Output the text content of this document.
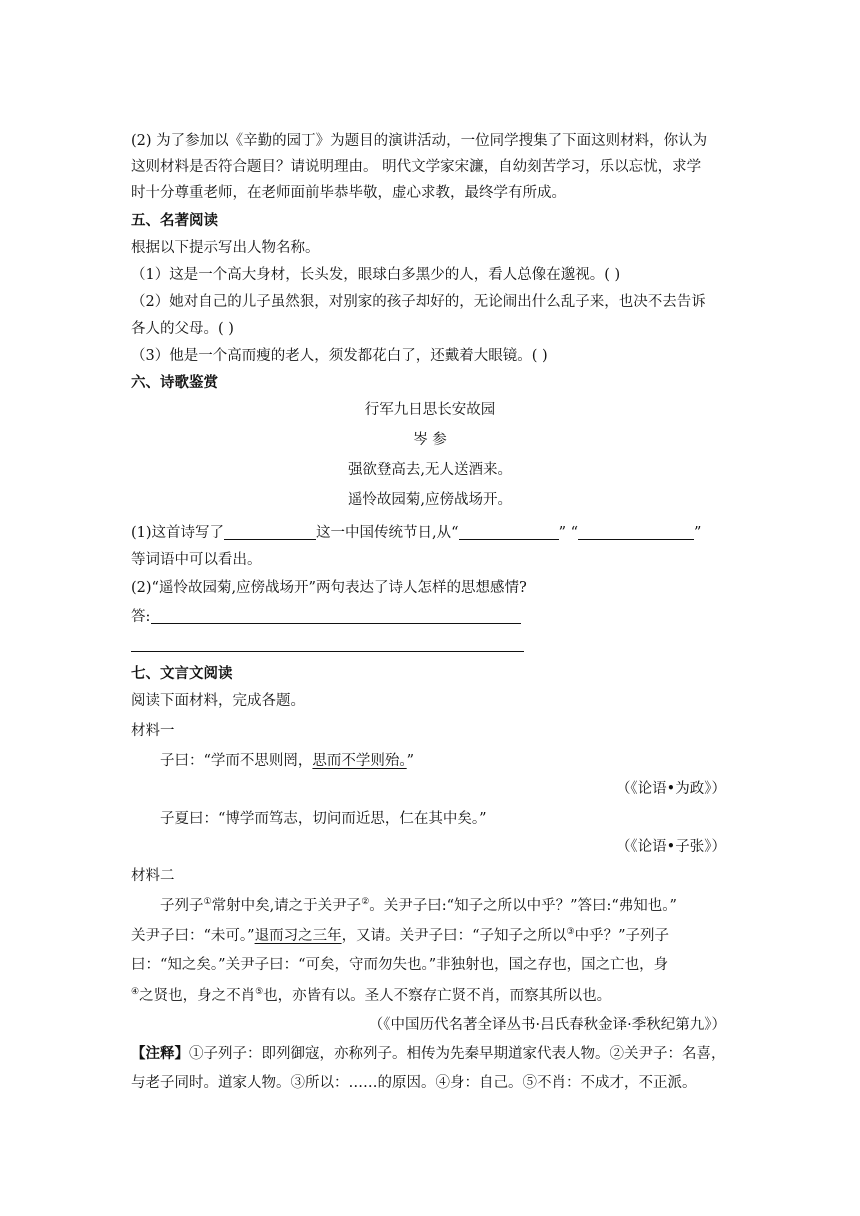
(2) 为了参加以《辛勤的园丁》为题目的演讲活动，一位同学搜集了下面这则材料，你认为
这则材料是否符合题目？请说明理由。 明代文学家宋濂，自幼刻苦学习，乐以忘忧，求学
时十分尊重老师，在老师面前毕恭毕敬，虚心求教，最终学有所成。
五、名著阅读
根据以下提示写出人物名称。
（1）这是一个高大身材，长头发，眼球白多黑少的人，看人总像在邈视。( )
（2）她对自己的儿子虽然狠，对别家的孩子却好的，无论闹出什么乱子来，也决不去告诉
各人的父母。( )
（3）他是一个高而瘦的老人，须发都花白了，还戴着大眼镜。( )
六、诗歌鉴赏
行军九日思长安故园
岑 参
强欲登高去,无人送酒来。
遥怜故园菊,应傍战场开。
(1)这首诗写了	这一中国传统节日,从“	” “	”
等词语中可以看出。
(2)“遥怜故园菊,应傍战场开”两句表达了诗人怎样的思想感情?
答:
七、文言文阅读
阅读下面材料，完成各题。
材料一
子曰：“学而不思则罔，思而不学则殆。”
（《论语•为政》）
子夏曰：“博学而笃志，切问而近思，仁在其中矣。”
（《论语•子张》）
材料二
子列子①常射中矣,请之于关尹子②。关尹子曰:“知子之所以中乎？”答曰:“弗知也。”
关尹子曰：“未可。”退而习之三年，又请。关尹子曰：“子知子之所以③中乎？”子列子
曰：“知之矣。”关尹子曰：“可矣，守而勿失也。”非独射也，国之存也，国之亡也，身
④之贤也，身之不肖⑤也，亦皆有以。圣人不察存亡贤不肖，而察其所以也。
（《中国历代名著全译丛书·吕氏春秋金译·季秋纪第九》）
【注释】①子列子：即列御寇，亦称列子。相传为先秦早期道家代表人物。②关尹子：名喜，
与老子同时。道家人物。③所以：……的原因。④身：自己。⑤不肖：不成才，不正派。
